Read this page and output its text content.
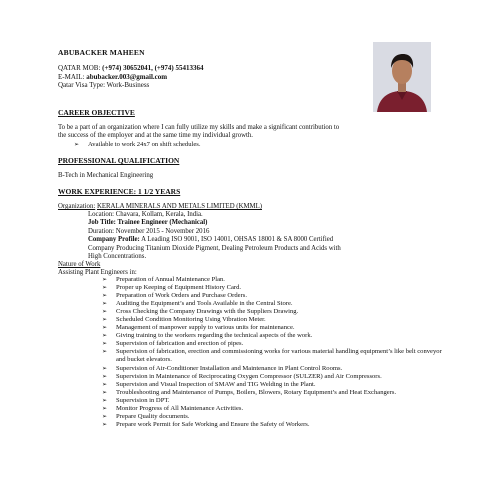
ABUBACKER MAHEEN
QATAR MOB: (+974) 30652041, (+974) 55413364
E-MAIL: abubacker.003@gmail.com
Qatar Visa Type: Work-Business
CAREER OBJECTIVE
To be a part of an organization where I can fully utilize my skills and make a significant contribution to
the success of the employer and at the same time my individual growth.
➢ Available to work 24x7 on shift schedules.
PROFESSIONAL QUALIFICATION
B-Tech in Mechanical Engineering
WORK EXPERIENCE: 1 1/2 YEARS
Organization: KERALA MINERALS AND METALS LIMITED (KMML)
Location: Chavara, Kollam, Kerala, India.
Job Title: Trainee Engineer (Mechanical)
Duration: November 2015 - November 2016
Company Profile: A Leading ISO 9001, ISO 14001, OHSAS 18001 & SA 8000 Certified
Company Producing Titanium Dioxide Pigment, Dealing Petroleum Products and Acids with
High Concentrations.
Nature of Work
Assisting Plant Engineers in:
➢ Preparation of Annual Maintenance Plan.
➢ Proper up Keeping of Equipment History Card.
➢ Preparation of Work Orders and Purchase Orders.
➢ Auditing the Equipment’s and Tools Available in the Central Store.
➢ Cross Checking the Company Drawings with the Suppliers Drawing.
➢ Scheduled Condition Monitoring Using Vibration Meter.
➢ Management of manpower supply to various units for maintenance.
➢ Giving training to the workers regarding the technical aspects of the work.
➢ Supervision of fabrication and erection of pipes.
➢ Supervision of fabrication, erection and commissioning works for various material handling equipment’s like belt conveyor and bucket elevators.
➢ Supervision of Air-Conditioner Installation and Maintenance in Plant Control Rooms.
➢ Supervision in Maintenance of Reciprocating Oxygen Compressor (SULZER) and Air Compressors.
➢ Supervision and Visual Inspection of SMAW and TIG Welding in the Plant.
➢ Troubleshooting and Maintenance of Pumps, Boilers, Blowers, Rotary Equipment’s and Heat Exchangers.
➢ Supervision in DPT.
➢ Monitor Progress of All Maintenance Activities.
➢ Prepare Quality documents.
➢ Prepare work Permit for Safe Working and Ensure the Safety of Workers.
